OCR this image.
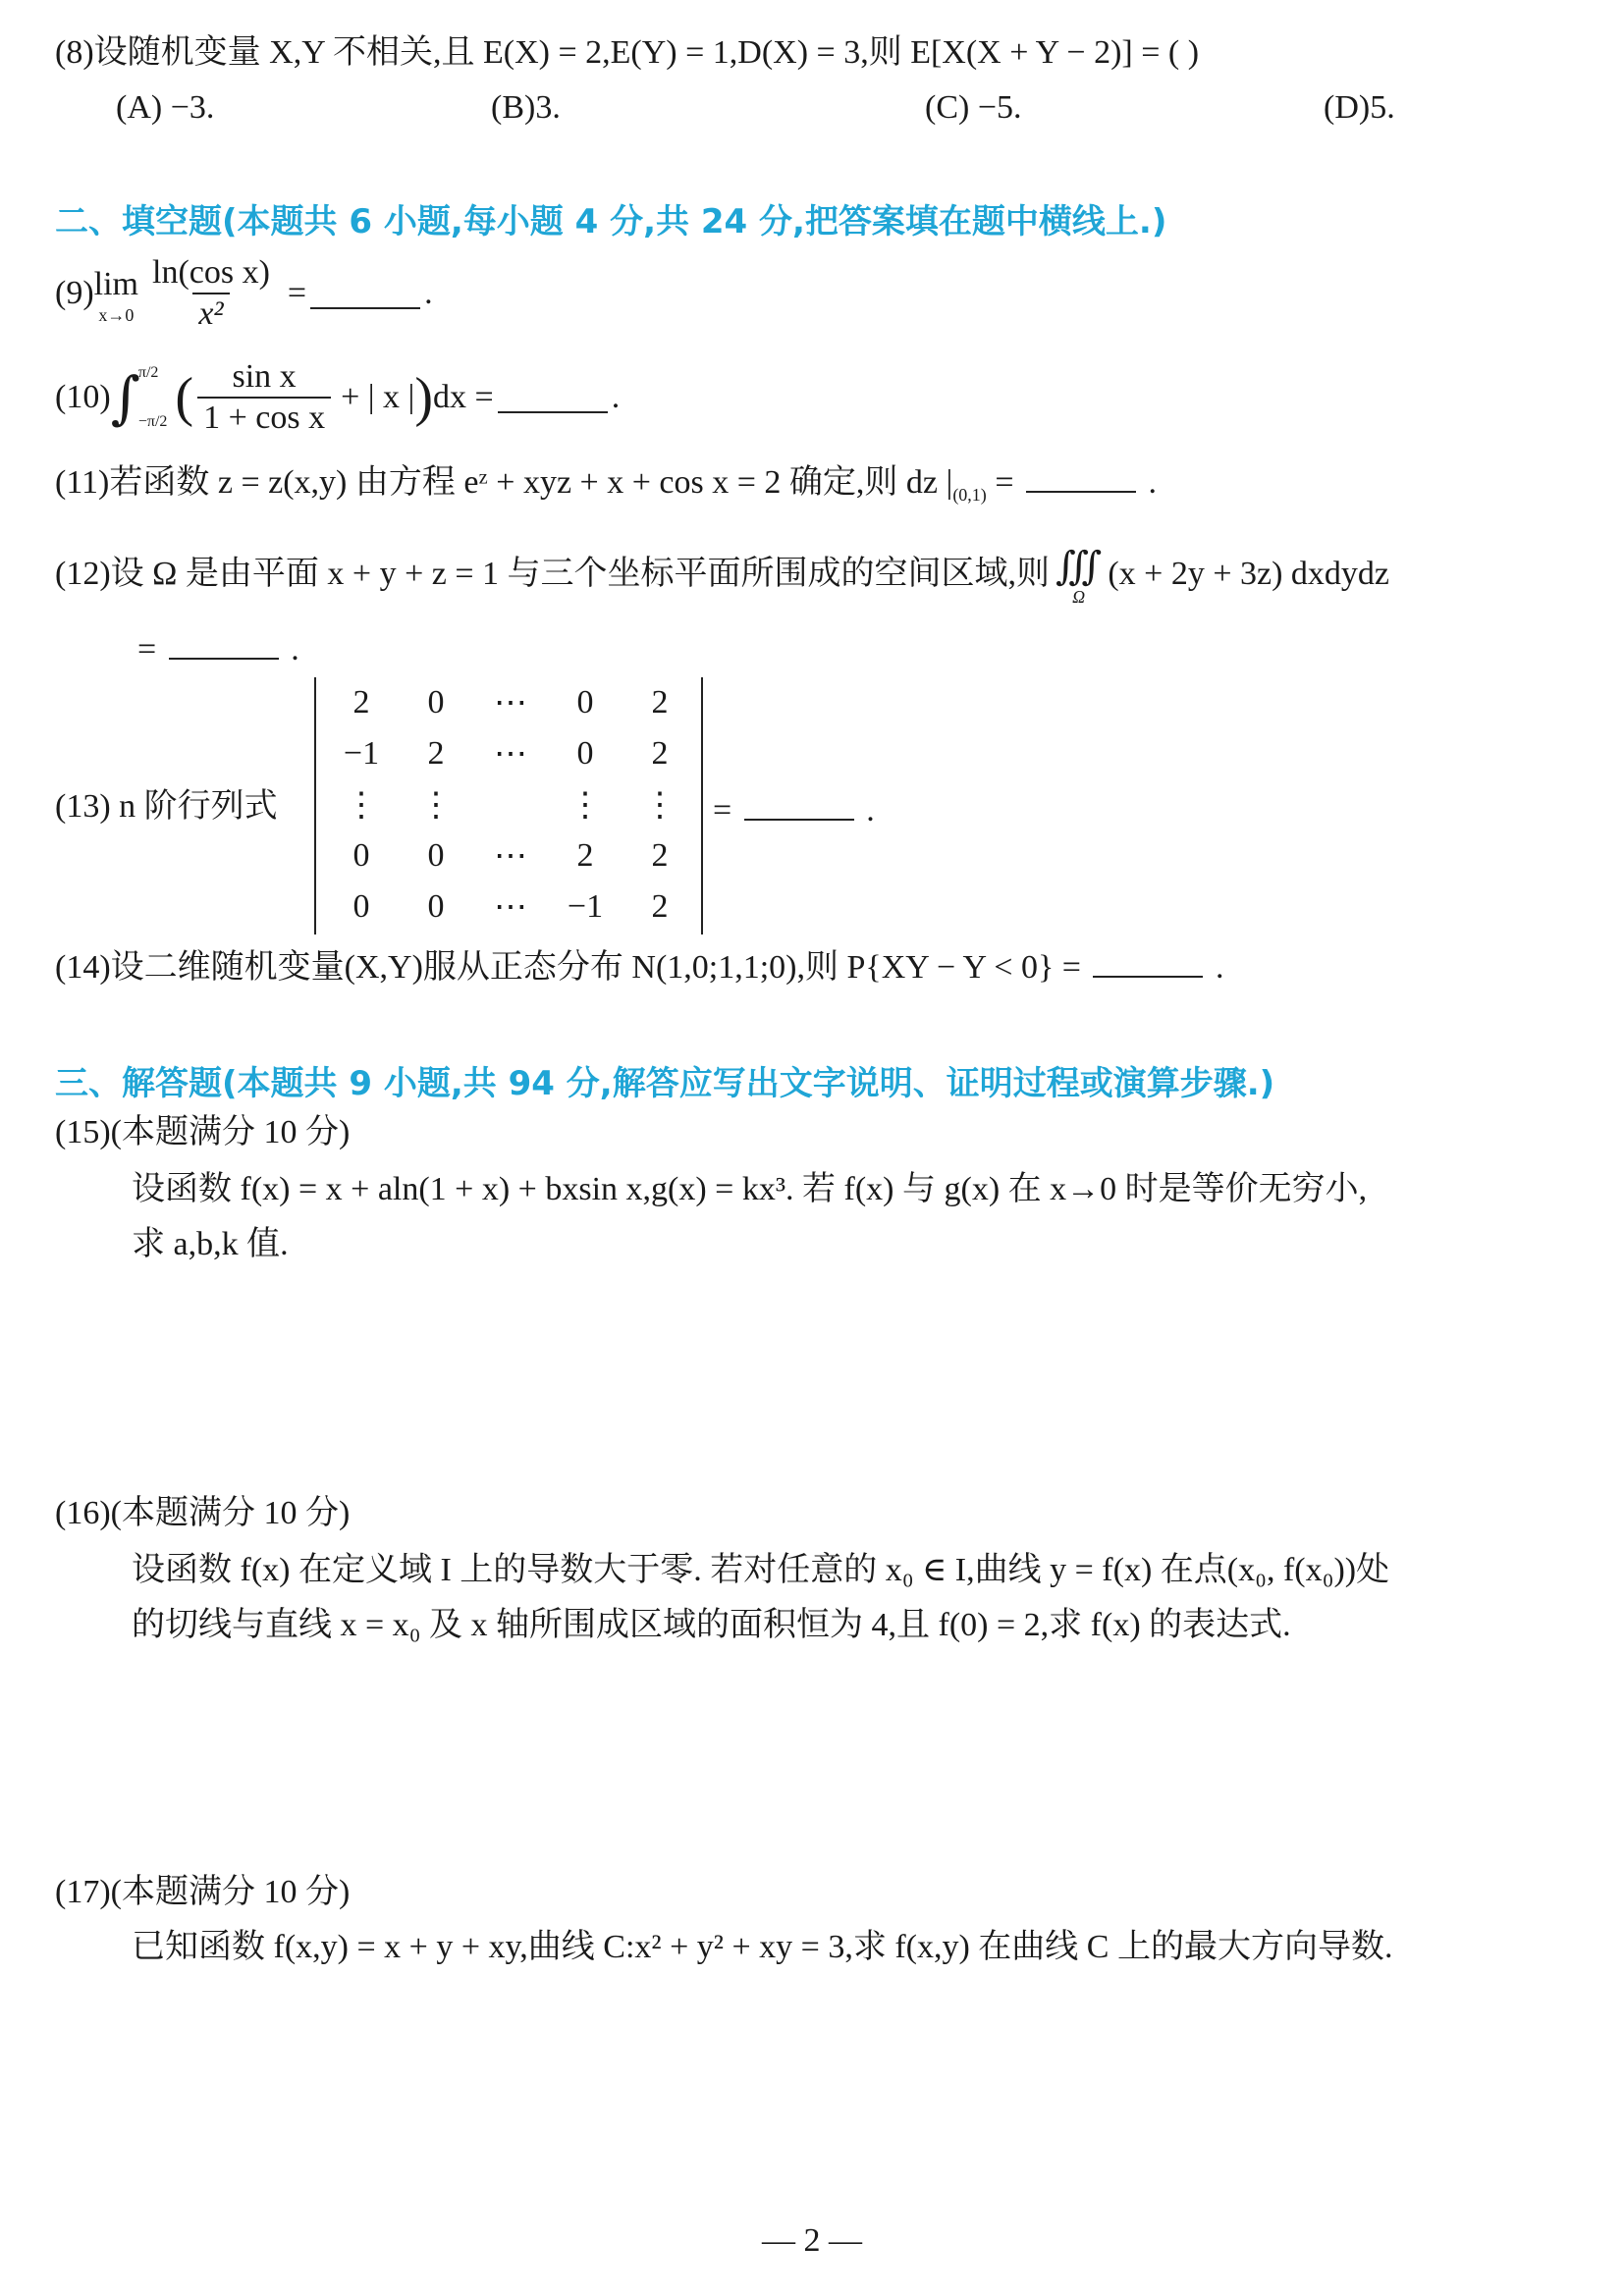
(8)设随机变量 X,Y 不相关,且 E(X) = 2,E(Y) = 1,D(X) = 3,则 E[X(X + Y − 2)] = ( )
(A) −3.	(B)3.	(C) −5.	(D)5.
二、填空题(本题共 6 小题,每小题 4 分,共 24 分,把答案填在题中横线上.)
(9) lim
$x\to 0 \frac{\text{ln(cos x)}}{\text{x²}}$ =	.
(10) ∫
π/2
−π/2 ( $\frac{\text{sin x}}{\text{1 + cos x}}$ + | x | ) dx =	.
(11)若函数 z = z(x,y) 由方程 eᶻ + xyz + x + cos x = 2 确定,则 dz $|_{(0,1)}$ =	.
(12)设 Ω 是由平面 x + y + z = 1 与三个坐标平面所围成的空间区域,则 ∭
Ω
(x + 2y + 3z) dxdydz
=	.
(13) n 阶行列式
2	0	⋯	0	2
−1	2	⋯	0	2
⋮	⋮		⋮	⋮
0	0	⋯	2	2
0	0	⋯	−1	2
=	.
(14)设二维随机变量(X,Y)服从正态分布 N(1,0;1,1;0),则 P{XY − Y < 0} =	.
三、解答题(本题共 9 小题,共 94 分,解答应写出文字说明、证明过程或演算步骤.)
(15)(本题满分 10 分)
设函数 f(x) = x + aln(1 + x) + bxsin x,g(x) = kx³. 若 f(x) 与 g(x) 在 x→0 时是等价无穷小,
求 a,b,k 值.
(16)(本题满分 10 分)
设函数 f(x) 在定义域 I 上的导数大于零. 若对任意的 x₀ ∈ I,曲线 y = f(x) 在点(x₀, f(x₀))处
的切线与直线 x = x₀ 及 x 轴所围成区域的面积恒为 4,且 f(0) = 2,求 f(x) 的表达式.
(17)(本题满分 10 分)
已知函数 f(x,y) = x + y + xy,曲线 C:x² + y² + xy = 3,求 f(x,y) 在曲线 C 上的最大方向导数.
— 2 —
